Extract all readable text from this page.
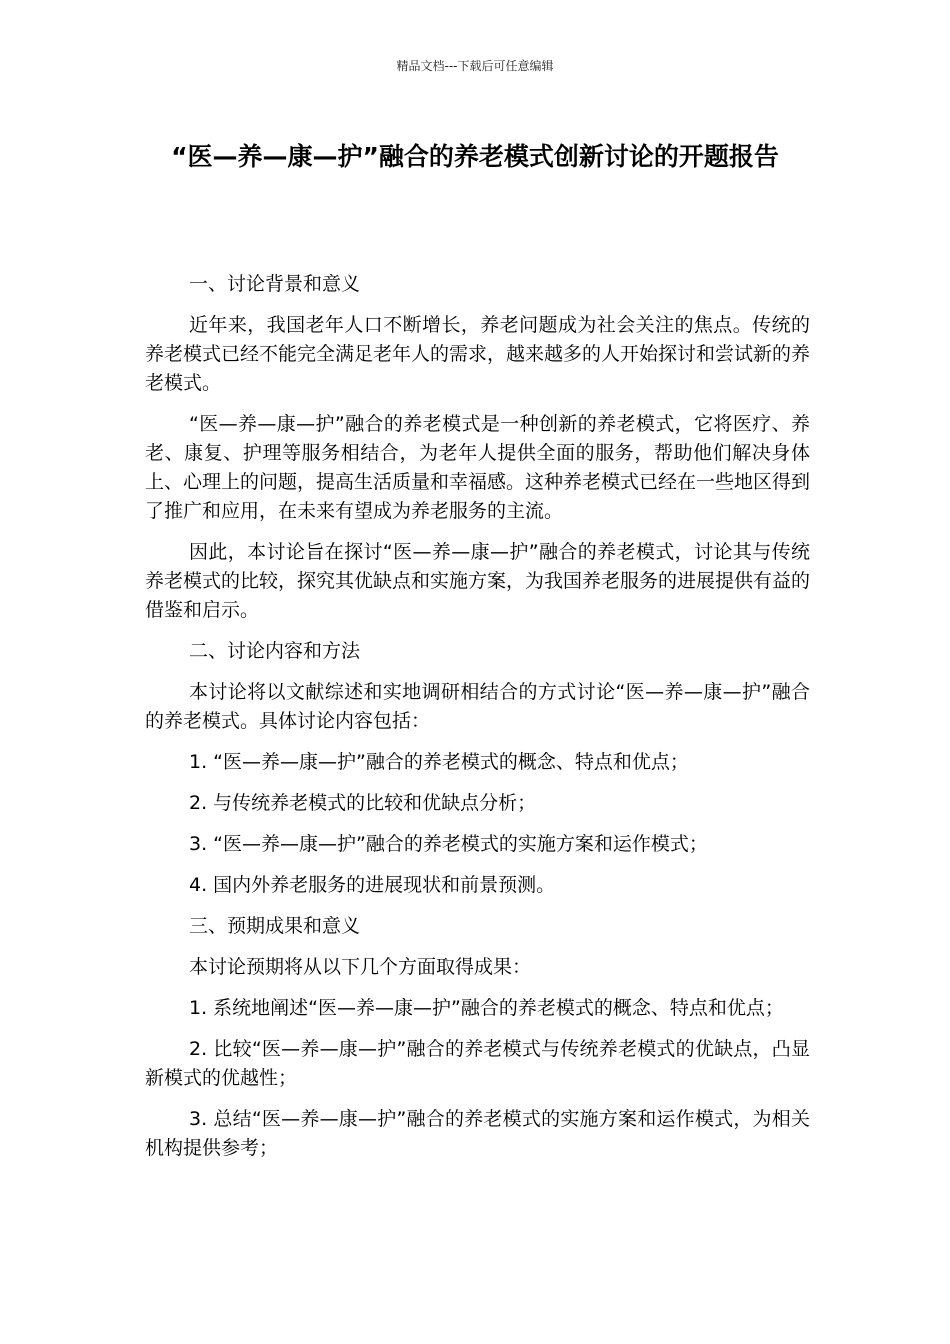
精品文档---下载后可任意编辑
“医—养—康—护”融合的养老模式创新讨论的开题报告

一、讨论背景和意义

近年来，我国老年人口不断增长，养老问题成为社会关注的焦点。传统的养老模式已经不能完全满足老年人的需求，越来越多的人开始探讨和尝试新的养老模式。

“医—养—康—护”融合的养老模式是一种创新的养老模式，它将医疗、养老、康复、护理等服务相结合，为老年人提供全面的服务，帮助他们解决身体上、心理上的问题，提高生活质量和幸福感。这种养老模式已经在一些地区得到了推广和应用，在未来有望成为养老服务的主流。

因此，本讨论旨在探讨“医—养—康—护”融合的养老模式，讨论其与传统养老模式的比较，探究其优缺点和实施方案，为我国养老服务的进展提供有益的借鉴和启示。

二、讨论内容和方法

本讨论将以文献综述和实地调研相结合的方式讨论“医—养—康—护”融合的养老模式。具体讨论内容包括：

1. “医—养—康—护”融合的养老模式的概念、特点和优点；

2. 与传统养老模式的比较和优缺点分析；

3. “医—养—康—护”融合的养老模式的实施方案和运作模式；

4. 国内外养老服务的进展现状和前景预测。

三、预期成果和意义

本讨论预期将从以下几个方面取得成果：

1. 系统地阐述“医—养—康—护”融合的养老模式的概念、特点和优点；

2. 比较“医—养—康—护”融合的养老模式与传统养老模式的优缺点，凸显新模式的优越性；

3. 总结“医—养—康—护”融合的养老模式的实施方案和运作模式，为相关机构提供参考；
